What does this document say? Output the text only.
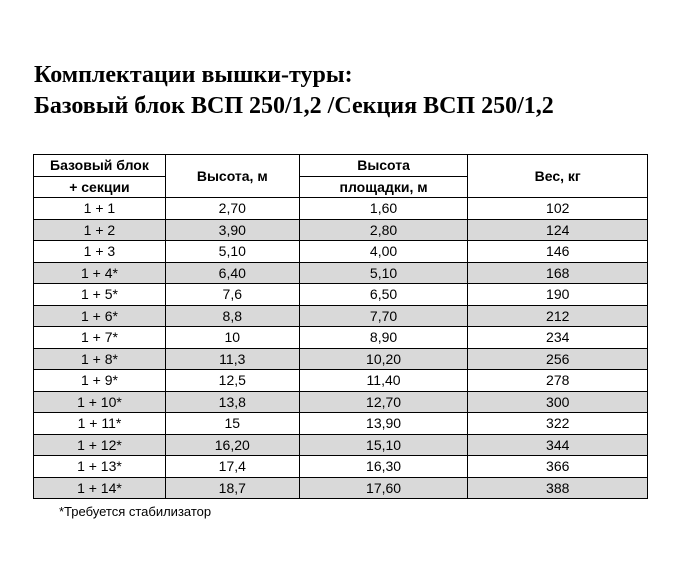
Комплектации вышки-туры:
Базовый блок ВСП 250/1,2 /Секция ВСП 250/1,2
Базовый блок	Высота, м	Высота	Вес, кг
+ секции		площадки, м	
1 + 1	2,70	1,60	102
1 + 2	3,90	2,80	124
1 + 3	5,10	4,00	146
1 + 4*	6,40	5,10	168
1 + 5*	7,6	6,50	190
1 + 6*	8,8	7,70	212
1 + 7*	10	8,90	234
1 + 8*	11,3	10,20	256
1 + 9*	12,5	11,40	278
1 + 10*	13,8	12,70	300
1 + 11*	15	13,90	322
1 + 12*	16,20	15,10	344
1 + 13*	17,4	16,30	366
1 + 14*	18,7	17,60	388
*Требуется стабилизатор
